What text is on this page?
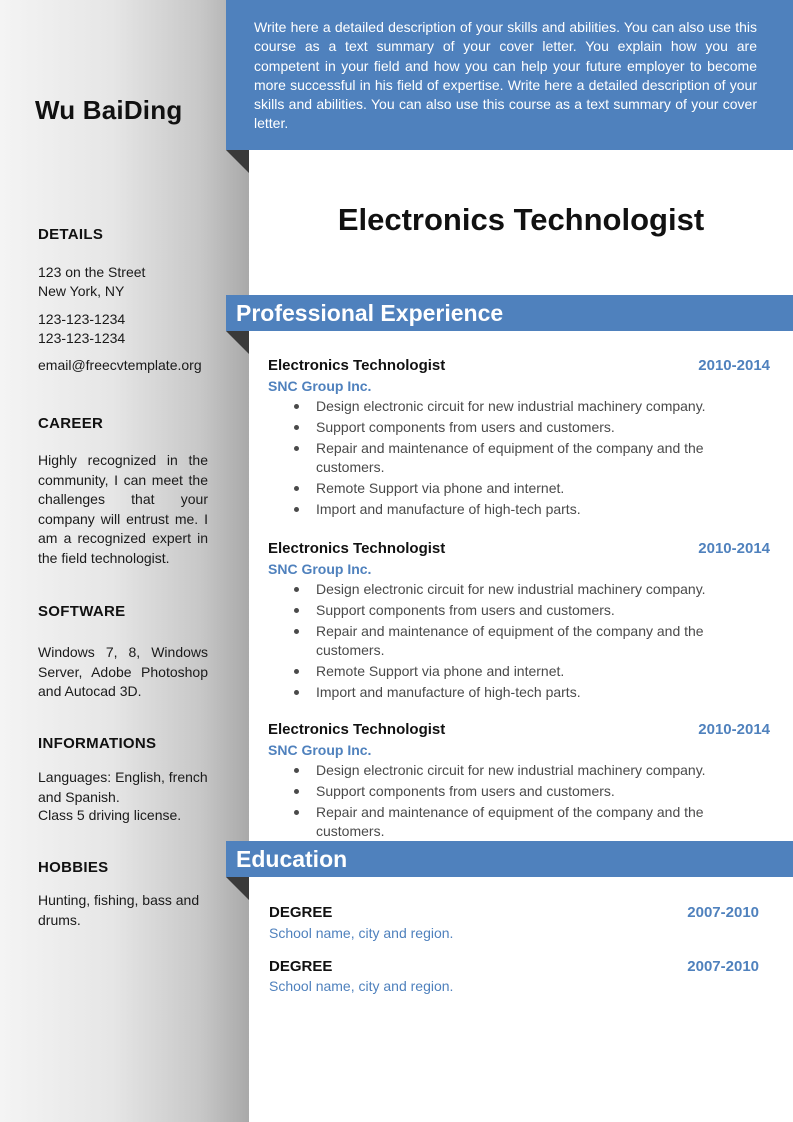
Wu BaiDing
DETAILS
123 on the Street
New York, NY
123-123-1234
123-123-1234
email@freecvtemplate.org
CAREER
Highly recognized in the community, I can meet the challenges that your company will entrust me. I am a recognized expert in the field technologist.
SOFTWARE
Windows 7, 8, Windows Server, Adobe Photoshop and Autocad 3D.
INFORMATIONS
Languages: English, french and Spanish.
Class 5 driving license.
HOBBIES
Hunting, fishing, bass and drums.
Write here a detailed description of your skills and abilities. You can also use this course as a text summary of your cover letter. You explain how you are competent in your field and how you can help your future employer to become more successful in his field of expertise. Write here a detailed description of your skills and abilities. You can also use this course as a text summary of your cover letter.
Electronics Technologist
Professional Experience
Electronics Technologist	2010-2014
SNC Group Inc.
Design electronic circuit for new industrial machinery company.
Support components from users and customers.
Repair and maintenance of equipment of the company and the customers.
Remote Support via phone and internet.
Import and manufacture of high-tech parts.
Electronics Technologist	2010-2014
SNC Group Inc.
Design electronic circuit for new industrial machinery company.
Support components from users and customers.
Repair and maintenance of equipment of the company and the customers.
Remote Support via phone and internet.
Import and manufacture of high-tech parts.
Electronics Technologist	2010-2014
SNC Group Inc.
Design electronic circuit for new industrial machinery company.
Support components from users and customers.
Repair and maintenance of equipment of the company and the customers.
Education
DEGREE	2007-2010
School name, city and region.
DEGREE	2007-2010
School name, city and region.
